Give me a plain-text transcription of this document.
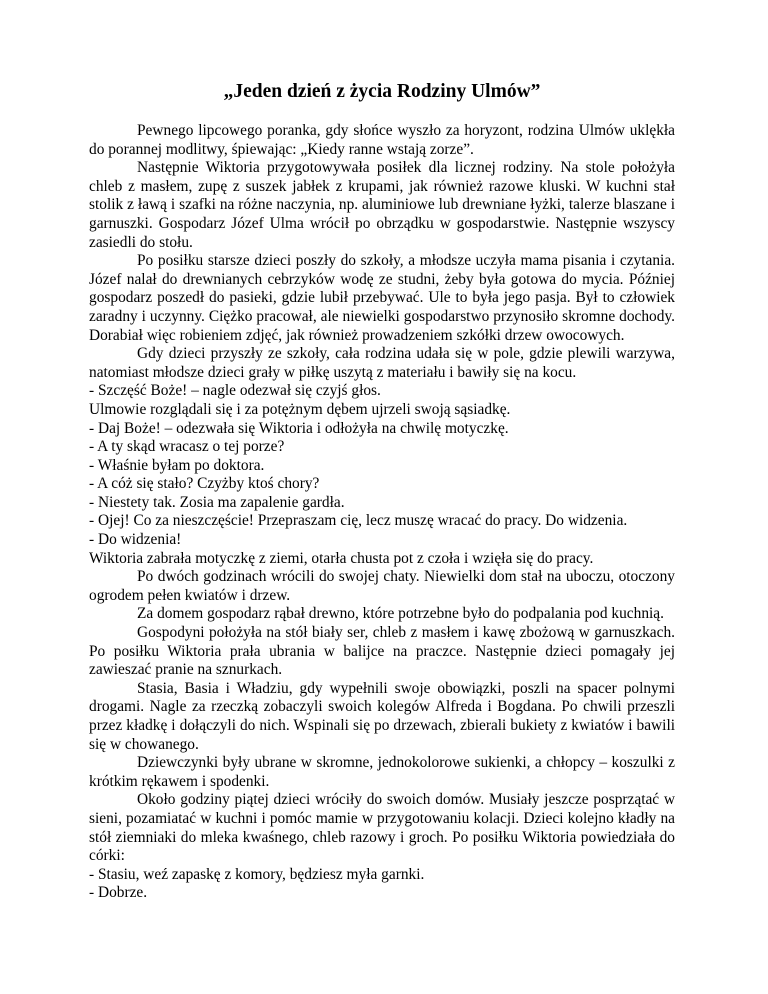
„Jeden dzień z życia Rodziny Ulmów”

Pewnego lipcowego poranka, gdy słońce wyszło za horyzont, rodzina Ulmów uklękła do porannej modlitwy, śpiewając: „Kiedy ranne wstają zorze”.

Następnie Wiktoria przygotowywała posiłek dla licznej rodziny. Na stole położyła chleb z masłem, zupę z suszek jabłek z krupami, jak również razowe kluski. W kuchni stał stolik z ławą i szafki na różne naczynia, np. aluminiowe lub drewniane łyżki, talerze blaszane i garnuszki. Gospodarz Józef Ulma wrócił po obrządku w gospodarstwie. Następnie wszyscy zasiedli do stołu.

Po posiłku starsze dzieci poszły do szkoły, a młodsze uczyła mama pisania i czytania. Józef nalał do drewnianych cebrzyków wodę ze studni, żeby była gotowa do mycia. Później gospodarz poszedł do pasieki, gdzie lubił przebywać. Ule to była jego pasja. Był to człowiek zaradny i uczynny. Ciężko pracował, ale niewielki gospodarstwo przynosiło skromne dochody. Dorabiał więc robieniem zdjęć, jak również prowadzeniem szkółki drzew owocowych.

Gdy dzieci przyszły ze szkoły, cała rodzina udała się w pole, gdzie plewili warzywa, natomiast młodsze dzieci grały w piłkę uszytą z materiału i bawiły się na kocu.

- Szczęść Boże! – nagle odezwał się czyjś głos.

Ulmowie rozglądali się i za potężnym dębem ujrzeli swoją sąsiadkę.

- Daj Boże! – odezwała się Wiktoria i odłożyła na chwilę motyczkę.

- A ty skąd wracasz o tej porze?

- Właśnie byłam po doktora.

- A cóż się stało? Czyżby ktoś chory?

- Niestety tak. Zosia ma zapalenie gardła.

- Ojej! Co za nieszczęście! Przepraszam cię, lecz muszę wracać do pracy. Do widzenia.

- Do widzenia!

Wiktoria zabrała motyczkę z ziemi, otarła chusta pot z czoła i wzięła się do pracy.

Po dwóch godzinach wrócili do swojej chaty. Niewielki dom stał na uboczu, otoczony ogrodem pełen kwiatów i drzew.

Za domem gospodarz rąbał drewno, które potrzebne było do podpalania pod kuchnią.

Gospodyni położyła na stół biały ser, chleb z masłem i kawę zbożową w garnuszkach. Po posiłku Wiktoria prała ubrania w balijce na praczce. Następnie dzieci pomagały jej zawieszać pranie na sznurkach.

Stasia, Basia i Władziu, gdy wypełnili swoje obowiązki, poszli na spacer polnymi drogami. Nagle za rzeczką zobaczyli swoich kolegów Alfreda i Bogdana. Po chwili przeszli przez kładkę i dołączyli do nich. Wspinali się po drzewach, zbierali bukiety z kwiatów i bawili się w chowanego.

Dziewczynki były ubrane w skromne, jednokolorowe sukienki, a chłopcy – koszulki z krótkim rękawem i spodenki.

Około godziny piątej dzieci wróciły do swoich domów. Musiały jeszcze posprzątać w sieni, pozamiatać w kuchni i pomóc mamie w przygotowaniu kolacji. Dzieci kolejno kładły na stół ziemniaki do mleka kwaśnego, chleb razowy i groch. Po posiłku Wiktoria powiedziała do córki:

- Stasiu, weź zapaskę z komory, będziesz myła garnki.

- Dobrze.
